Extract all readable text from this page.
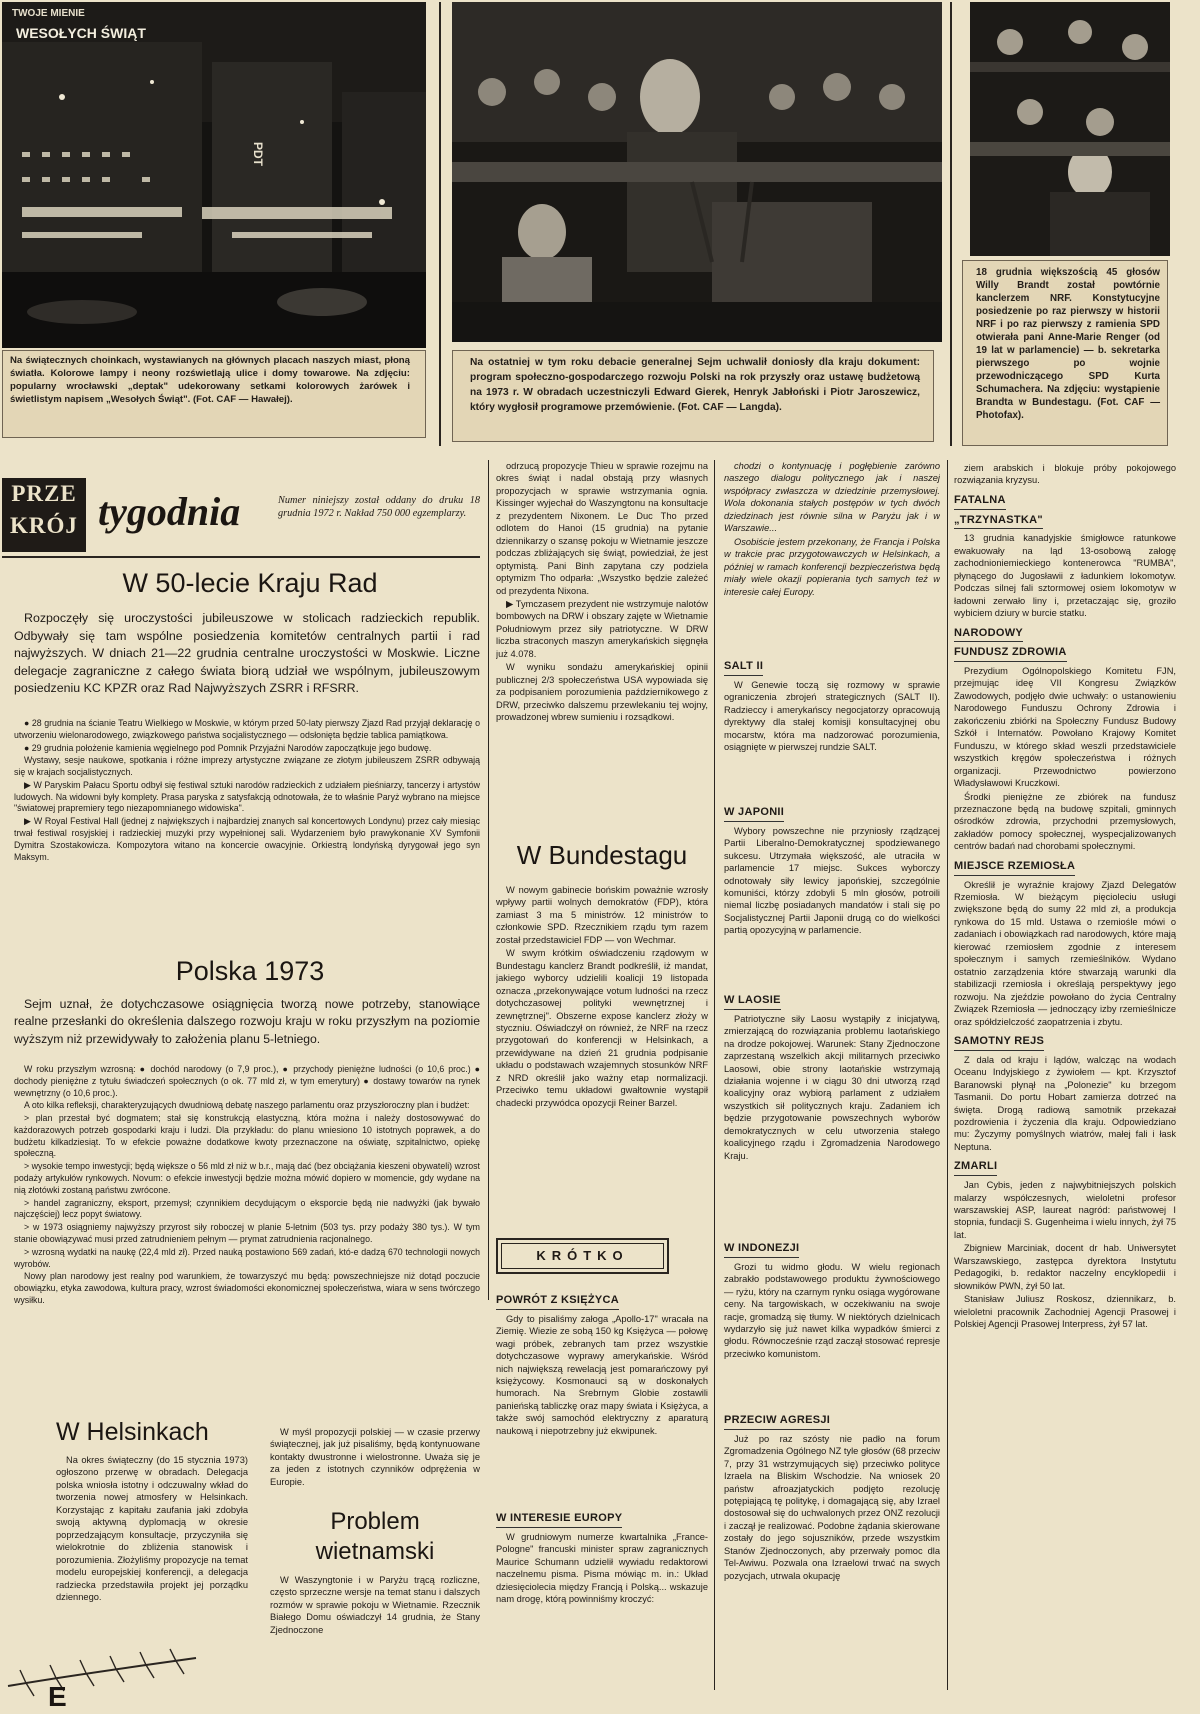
TWOJE MIENIE
WESOŁYCH ŚWIĄT
PDT
Na świątecznych choinkach, wystawianych na głównych placach naszych miast, płoną światła. Kolorowe lampy i neony rozświetlają ulice i domy towarowe. Na zdjęciu: popularny wrocławski „deptak" udekorowany setkami kolorowych żarówek i świetlistym napisem „Wesołych Świąt". (Fot. CAF — Hawałej).
Na ostatniej w tym roku debacie generalnej Sejm uchwalił doniosły dla kraju dokument: program społeczno-gospodarczego rozwoju Polski na rok przyszły oraz ustawę budżetową na 1973 r. W obradach uczestniczyli Edward Gierek, Henryk Jabłoński i Piotr Jaroszewicz, który wygłosił programowe przemówienie. (Fot. CAF — Langda).
18 grudnia większością 45 głosów Willy Brandt został powtórnie kanclerzem NRF. Konstytucyjne posiedzenie po raz pierwszy w historii NRF i po raz pierwszy z ramienia SPD otwierała pani Anne-Marie Renger (od 19 lat w parlamencie) — b. sekretarka pierwszego po wojnie przewodniczącego SPD Kurta Schumachera. Na zdjęciu: wystąpienie Brandta w Bundestagu. (Fot. CAF — Photofax).
PRZE
KRÓJ tygodnia	Numer niniejszy został oddany do druku 18 grudnia 1972 r. Nakład 750 000 egzemplarzy.
W 50-lecie Kraju Rad

Rozpoczęły się uroczystości jubileuszowe w stolicach radzieckich republik. Odbywały się tam wspólne posiedzenia komitetów centralnych partii i rad najwyższych. W dniach 21—22 grudnia centralne uroczystości w Moskwie. Liczne delegacje zagraniczne z całego świata biorą udział we wspólnym, jubileuszowym posiedzeniu KC KPZR oraz Rad Najwyższych ZSRR i RFSRR.

● 28 grudnia na ścianie Teatru Wielkiego w Moskwie, w którym przed 50-laty pierwszy Zjazd Rad przyjął deklarację o utworzeniu wielonarodowego, związkowego państwa socjalistycznego — odsłonięta będzie tablica pamiątkowa.

● 29 grudnia położenie kamienia węgielnego pod Pomnik Przyjaźni Narodów zapoczątkuje jego budowę.

Wystawy, sesje naukowe, spotkania i różne imprezy artystyczne związane ze złotym jubileuszem ZSRR odbywają się w krajach socjalistycznych.

▶ W Paryskim Pałacu Sportu odbył się festiwal sztuki narodów radzieckich z udziałem pieśniarzy, tancerzy i artystów ludowych. Na widowni były komplety. Prasa paryska z satysfakcją odnotowała, że to właśnie Paryż wybrano na miejsce "światowej prapremiery tego niezapomnianego widowiska".

▶ W Royal Festival Hall (jednej z największych i najbardziej znanych sal koncertowych Londynu) przez cały miesiąc trwał festiwal rosyjskiej i radzieckiej muzyki przy wypełnionej sali. Wydarzeniem było prawykonanie XV Symfonii Dymitra Szostakowicza. Kompozytora witano na koncercie owacyjnie. Orkiestrą londyńską dyrygował jego syn Maksym.

Polska 1973

Sejm uznał, że dotychczasowe osiągnięcia tworzą nowe potrzeby, stanowiące realne przesłanki do określenia dalszego rozwoju kraju w roku przyszłym na poziomie wyższym niż przewidywały to założenia planu 5-letniego.

W roku przyszłym wzrosną: ● dochód narodowy (o 7,9 proc.), ● przychody pieniężne ludności (o 10,6 proc.) ● dochody pieniężne z tytułu świadczeń społecznych (o ok. 77 mld zł, w tym emerytury) ● dostawy towarów na rynek wewnętrzny (o 10,6 proc.).

A oto kilka refleksji, charakteryzujących dwudniową debatę naszego parlamentu oraz przyszłoroczny plan i budżet:

> plan przestał być dogmatem; stał się konstrukcją elastyczną, która można i należy dostosowywać do każdorazowych potrzeb gospodarki kraju i ludzi. Dla przykładu: do planu wniesiono 10 istotnych poprawek, a do budżetu kilkadziesiąt. To w efekcie poważne dodatkowe kwoty przeznaczone na oświatę, szpitalnictwo, opiekę społeczną.

> wysokie tempo inwestycji; będą większe o 56 mld zł niż w b.r., mają dać (bez obciążania kieszeni obywateli) wzrost podaży artykułów rynkowych. Novum: o efekcie inwestycji będzie można mówić dopiero w momencie, gdy wydane na nią złotówki zostaną państwu zwrócone.

> handel zagraniczny, eksport, przemysł; czynnikiem decydującym o eksporcie będą nie nadwyżki (jak bywało najczęściej) lecz popyt światowy.

> w 1973 osiągniemy najwyższy przyrost siły roboczej w planie 5-letnim (503 tys. przy podaży 380 tys.). W tym stanie obowiązywać musi przed zatrudnieniem pełnym — prymat zatrudnienia racjonalnego.

> wzrosną wydatki na naukę (22,4 mld zł). Przed nauką postawiono 569 zadań, któ-e dadzą 670 technologii nowych wyrobów.

Nowy plan narodowy jest realny pod warunkiem, że towarzyszyć mu będą: powszechniejsze niż dotąd poczucie obowiązku, etyka zawodowa, kultura pracy, wzrost świadomości ekonomicznej społeczeństwa, wiara w sens twórczego wysiłku.

W Helsinkach

Na okres świąteczny (do 15 stycznia 1973) ogłoszono przerwę w obradach. Delegacja polska wniosła istotny i odczuwalny wkład do tworzenia nowej atmosfery w Helsinkach. Korzystając z kapitału zaufania jaki zdobyła swoją aktywną dyplomacją w okresie poprzedzającym konsultacje, przyczyniła się wielokrotnie do zbliżenia stanowisk i porozumienia. Złożyliśmy propozycje na temat modelu europejskiej konferencji, a delegacja radziecka przedstawiła projekt jej porządku dziennego.

W myśl propozycji polskiej — w czasie przerwy świątecznej, jak już pisaliśmy, będą kontynuowane kontakty dwustronne i wielostronne. Uważa się je za jeden z istotnych czynników odprężenia w Europie.

Problem
wietnamski

W Waszyngtonie i w Paryżu trącą rozliczne, często sprzeczne wersje na temat stanu i dalszych rozmów w sprawie pokoju w Wietnamie. Rzecznik Białego Domu oświadczył 14 grudnia, że Stany Zjednoczone

odrzucą propozycje Thieu w sprawie rozejmu na okres świąt i nadal obstają przy własnych propozycjach w sprawie wstrzymania ognia. Kissinger wyjechał do Waszyngtonu na konsultacje z prezydentem Nixonem. Le Duc Tho przed odlotem do Hanoi (15 grudnia) na pytanie dziennikarzy o szansę pokoju w Wietnamie jeszcze podczas zbliżających się świąt, powiedział, że jest optymistą. Pani Binh zapytana czy podziela optymizm Tho odparła: „Wszystko będzie zależeć od prezydenta Nixona.

▶ Tymczasem prezydent nie wstrzymuje nalotów bombowych na DRW i obszary zajęte w Wietnamie Południowym przez siły patriotyczne. W DRW liczba straconych maszyn amerykańskich sięgnęła już 4.078.

W wyniku sondażu amerykańskiej opinii publicznej 2/3 społeczeństwa USA wypowiada się za podpisaniem porozumienia październikowego z DRW, przeciwko dalszemu przewlekaniu tej wojny, prowadzonej wbrew sumieniu i rozsądkowi.

W Bundestagu

W nowym gabinecie bońskim poważnie wzrosły wpływy partii wolnych demokratów (FDP), która zamiast 3 ma 5 ministrów. 12 ministrów to członkowie SPD. Rzecznikiem rządu tym razem został przedstawiciel FDP — von Wechmar.

W swym krótkim oświadczeniu rządowym w Bundestagu kanclerz Brandt podkreślił, iż mandat, jakiego wyborcy udzielili koalicji 19 listopada oznacza „przekonywające votum ludności na rzecz dotychczasowej polityki wewnętrznej i zewnętrznej". Obszerne expose kanclerz złoży w styczniu. Oświadczył on również, że NRF na rzecz przygotowań do konferencji w Helsinkach, a przewidywane na dzień 21 grudnia podpisanie układu o podstawach wzajemnych stosunków NRF z NRD określił jako ważny etap normalizacji. Przeciwko temu układowi gwałtownie wystąpił chadecki przywódca opozycji Reiner Barzel.

KRÓTKO
POWRÓT Z KSIĘŻYCA

Gdy to pisaliśmy załoga „Apollo-17" wracała na Ziemię. Wiezie ze sobą 150 kg Księżyca — połowę wagi próbek, zebranych tam przez wszystkie dotychczasowe wyprawy amerykańskie. Wśród nich największą rewelacją jest pomarańczowy pył księżycowy. Kosmonauci są w doskonałych humorach. Na Srebrnym Globie zostawili panieńską tabliczkę oraz mapy świata i Księżyca, a także swój samochód elektryczny z aparaturą naukową i niepotrzebny już ekwipunek.

W INTERESIE EUROPY

W grudniowym numerze kwartalnika „France-Pologne" francuski minister spraw zagranicznych Maurice Schumann udzielił wywiadu redaktorowi naczelnemu pisma. Pisma mówiąc m. in.: Układ dziesięciolecia między Francją i Polską... wskazuje nam drogę, którą powinniśmy kroczyć:

chodzi o kontynuację i pogłębienie zarówno naszego dialogu politycznego jak i naszej współpracy zwłaszcza w dziedzinie przemysłowej. Wola dokonania stałych postępów w tych dwóch dziedzinach jest równie silna w Paryżu jak i w Warszawie...

Osobiście jestem przekonany, że Francja i Polska w trakcie prac przygotowawczych w Helsinkach, a później w ramach konferencji bezpieczeństwa będą miały wiele okazji popierania tych samych też w interesie całej Europy.

SALT II

W Genewie toczą się rozmowy w sprawie ograniczenia zbrojeń strategicznych (SALT II). Radzieccy i amerykańscy negocjatorzy opracowują dyrektywy dla stałej komisji konsultacyjnej obu mocarstw, która ma nadzorować porozumienia, osiągnięte w pierwszej rundzie SALT.

W JAPONII

Wybory powszechne nie przyniosły rządzącej Partii Liberalno-Demokratycznej spodziewanego sukcesu. Utrzymała większość, ale utraciła w parlamencie 17 miejsc. Sukces wyborczy odnotowały siły lewicy japońskiej, szczególnie komuniści, którzy zdobyli 5 mln głosów, potroili niemal liczbę posiadanych mandatów i stali się po Socjalistycznej Partii Japonii drugą co do wielkości partią opozycyjną w parlamencie.

W LAOSIE

Patriotyczne siły Laosu wystąpiły z inicjatywą, zmierzającą do rozwiązania problemu laotańskiego na drodze pokojowej. Warunek: Stany Zjednoczone zaprzestaną wszelkich akcji militarnych przeciwko Laosowi, obie strony laotańskie wstrzymają działania wojenne i w ciągu 30 dni utworzą rząd koalicyjny oraz wybiorą parlament z udziałem wszystkich sił politycznych kraju. Zadaniem ich będzie przygotowanie powszechnych wyborów demokratycznych w celu utworzenia stałego koalicyjnego rządu i Zgromadzenia Narodowego Kraju.

W INDONEZJI

Grozi tu widmo głodu. W wielu regionach zabrakło podstawowego produktu żywnościowego — ryżu, który na czarnym rynku osiąga wygórowane ceny. Na targowiskach, w oczekiwaniu na swoje racje, gromadzą się tłumy. W niektórych dzielnicach wydarzyło się już nawet kilka wypadków śmierci z głodu. Równocześnie rząd zaczął stosować represje przeciwko komunistom.

PRZECIW AGRESJI

Już po raz szósty nie padło na forum Zgromadzenia Ogólnego NZ tyle głosów (68 przeciw 7, przy 31 wstrzymujących się) przeciwko polityce Izraela na Bliskim Wschodzie. Na wniosek 20 państw afroazjatyckich podjęto rezolucję potępiającą tę politykę, i domagającą się, aby Izrael dostosował się do uchwalonych przez ONZ rezolucji i zaczął je realizować. Podobne żądania skierowane zostały do jego sojuszników, przede wszystkim Stanów Zjednoczonych, aby przerwały pomoc dla Tel-Awiwu. Pozwala ona Izraelowi trwać na swych pozycjach, utrwala okupację

ziem arabskich i blokuje próby pokojowego rozwiązania kryzysu.

FATALNA
„TRZYNASTKA"

13 grudnia kanadyjskie śmigłowce ratunkowe ewakuowały na ląd 13-osobową załogę zachodnioniemieckiego kontenerowca "RUMBA", płynącego do Jugosławii z ładunkiem lokomotyw. Podczas silnej fali sztormowej osiem lokomotyw w ładowni zerwało liny i, przetaczając się, groziło wybiciem dziury w burcie statku.

NARODOWY
FUNDUSZ ZDROWIA

Prezydium Ogólnopolskiego Komitetu FJN, przejmując ideę VII Kongresu Związków Zawodowych, podjęło dwie uchwały: o ustanowieniu Narodowego Funduszu Ochrony Zdrowia i zakończeniu zbiórki na Społeczny Fundusz Budowy Szkół i Internatów. Powołano Krajowy Komitet Funduszu, w którego skład weszli przedstawiciele wszystkich kręgów społeczeństwa i różnych organizacji. Przewodnictwo powierzono Władysławowi Kruczkowi.

Środki pieniężne ze zbiórek na fundusz przeznaczone będą na budowę szpitali, gminnych ośrodków zdrowia, przychodni przemysłowych, zakładów pomocy społecznej, wyspecjalizowanych centrów badań nad chorobami społecznymi.

MIEJSCE RZEMIOSŁA

Określił je wyraźnie krajowy Zjazd Delegatów Rzemiosła. W bieżącym pięcioleciu usługi zwiększone będą do sumy 22 mld zł, a produkcja rynkowa do 15 mld. Ustawa o rzemiośle mówi o zadaniach i obowiązkach rad narodowych, które mają kierować rzemiosłem zgodnie z interesem społecznym i samych rzemieślników. Wydano ostatnio zarządzenia które stwarzają warunki dla stabilizacji rzemiosła i określają perspektywy jego rozwoju. Na zjeździe powołano do życia Centralny Związek Rzemiosła — jednoczący izby rzemieślnicze oraz spółdzielczość zaopatrzenia i zbytu.

SAMOTNY REJS

Z dala od kraju i lądów, walcząc na wodach Oceanu Indyjskiego z żywiołem — kpt. Krzysztof Baranowski płynął na „Polonezie" ku brzegom Tasmanii. Do portu Hobart zamierza dotrzeć na święta. Drogą radiową samotnik przekazał pozdrowienia i życzenia dla kraju. Odpowiedziano mu: Życzymy pomyślnych wiatrów, małej fali i łask Neptuna.

ZMARLI

Jan Cybis, jeden z najwybitniejszych polskich malarzy współczesnych, wieloletni profesor warszawskiej ASP, laureat nagród: państwowej I stopnia, fundacji S. Gugenheima i wielu innych, żył 75 lat.

Zbigniew Marciniak, docent dr hab. Uniwersytet Warszawskiego, zastępca dyrektora Instytutu Pedagogiki, b. redaktor naczelny encyklopedii i słowników PWN, żył 50 lat.

Stanisław Juliusz Roskosz, dziennikarz, b. wieloletni pracownik Zachodniej Agencji Prasowej i Polskiej Agencji Prasowej Interpress, żył 57 lat.

E
